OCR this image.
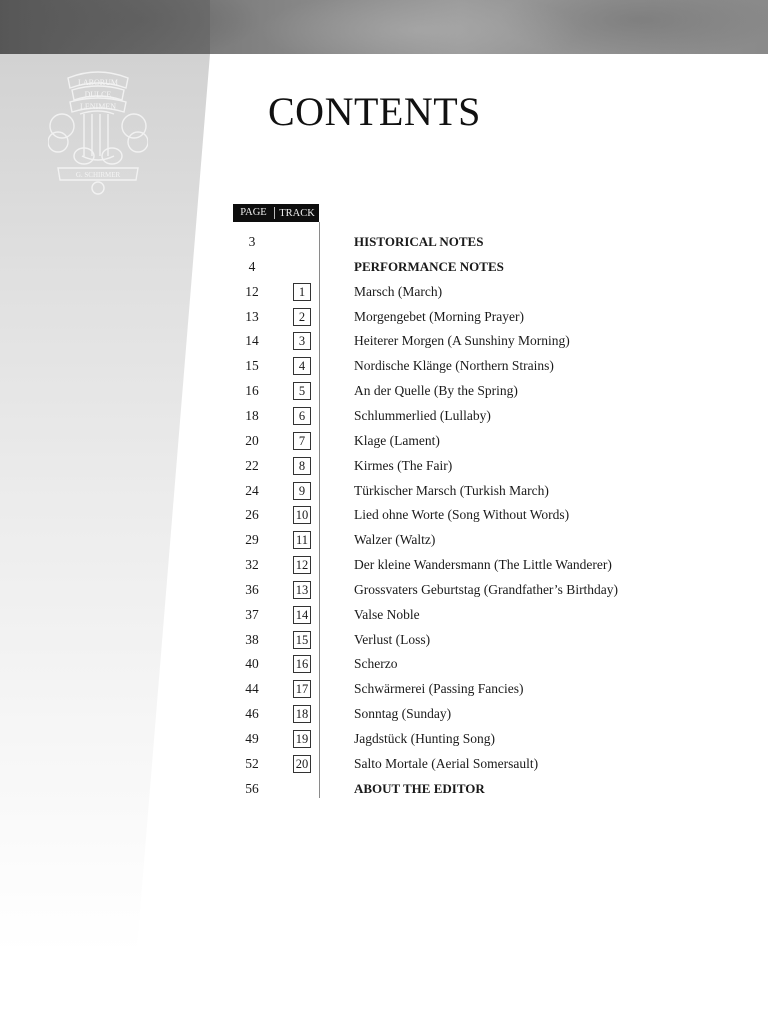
LABORUM
DULCE
LENIMEN
G. SCHIRMER
CONTENTS
PAGE	TRACK
3	HISTORICAL NOTES
4	PERFORMANCE NOTES
12	1	Marsch (March)
13	2	Morgengebet (Morning Prayer)
14	3	Heiterer Morgen (A Sunshiny Morning)
15	4	Nordische Klänge (Northern Strains)
16	5	An der Quelle (By the Spring)
18	6	Schlummerlied (Lullaby)
20	7	Klage (Lament)
22	8	Kirmes (The Fair)
24	9	Türkischer Marsch (Turkish March)
26	10	Lied ohne Worte (Song Without Words)
29	11	Walzer (Waltz)
32	12	Der kleine Wandersmann (The Little Wanderer)
36	13	Grossvaters Geburtstag (Grandfather’s Birthday)
37	14	Valse Noble
38	15	Verlust (Loss)
40	16	Scherzo
44	17	Schwärmerei (Passing Fancies)
46	18	Sonntag (Sunday)
49	19	Jagdstück (Hunting Song)
52	20	Salto Mortale (Aerial Somersault)
56	ABOUT THE EDITOR
